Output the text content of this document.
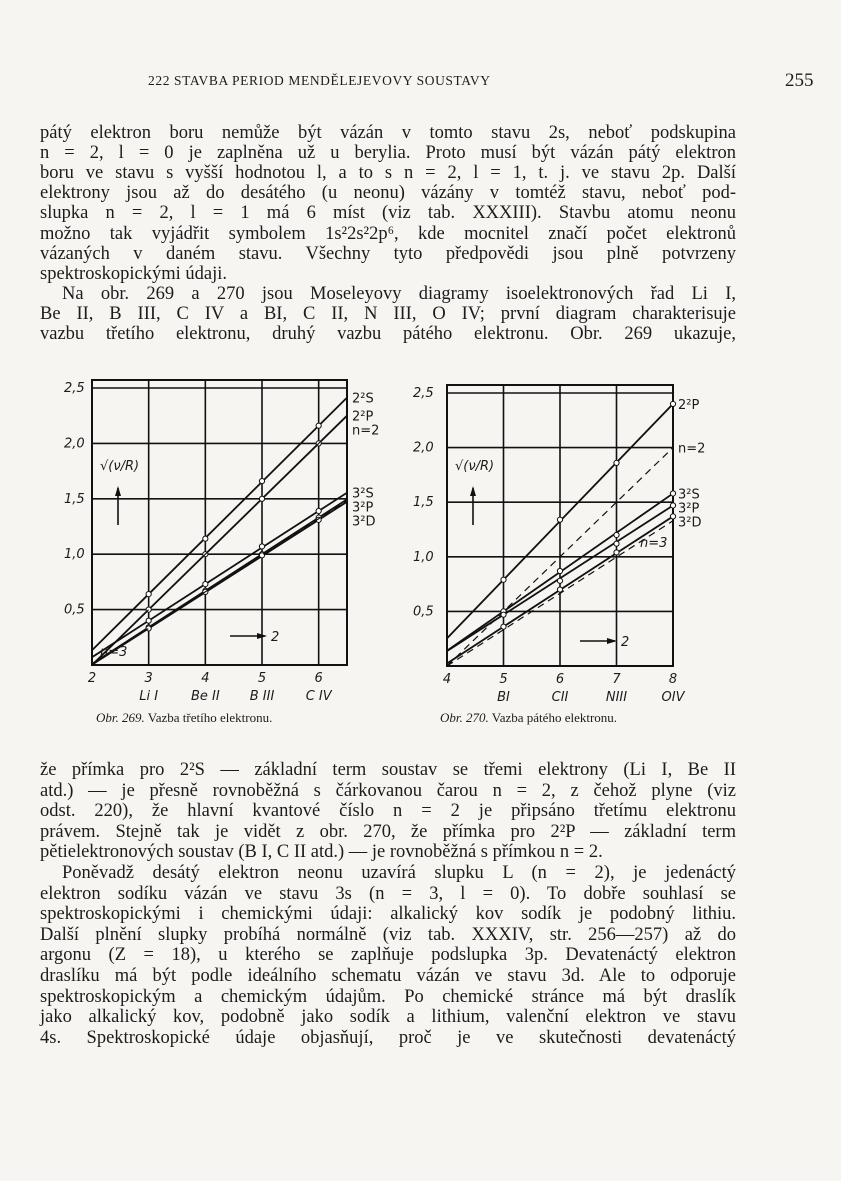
222 STAVBA PERIOD MENDĚLEJEVOVY SOUSTAVY	255
pátý elektron boru nemůže být vázán v tomto stavu 2s, neboť podskupina
n = 2, l = 0 je zaplněna už u berylia. Proto musí být vázán pátý elektron
boru ve stavu s vyšší hodnotou l, a to s n = 2, l = 1, t. j. ve stavu 2p. Další
elektrony jsou až do desátého (u neonu) vázány v tomtéž stavu, neboť pod-
slupka n = 2, l = 1 má 6 míst (viz tab. XXXIII). Stavbu atomu neonu
možno tak vyjádřit symbolem 1s²2s²2p⁶, kde mocnitel značí počet elektronů
vázaných v daném stavu. Všechny tyto předpovědi jsou plně potvrzeny
spektroskopickými údaji.
Na obr. 269 a 270 jsou Moseleyovy diagramy isoelektronových řad Li I,
Be II, B III, C IV a BI, C II, N III, O IV; první diagram charakterisuje
vazbu třetího elektronu, druhý vazbu pátého elektronu. Obr. 269 ukazuje,
že přímka pro 2²S — základní term soustav se třemi elektrony (Li I, Be II
atd.) — je přesně rovnoběžná s čárkovanou čarou n = 2, z čehož plyne (viz
odst. 220), že hlavní kvantové číslo n = 2 je připsáno třetímu elektronu
právem. Stejně tak je vidět z obr. 270, že přímka pro 2²P — základní term
pětielektronových soustav (B I, C II atd.) — je rovnoběžná s přímkou n = 2.
Poněvadž desátý elektron neonu uzavírá slupku L (n = 2), je jedenáctý
elektron sodíku vázán ve stavu 3s (n = 3, l = 0). To dobře souhlasí se
spektroskopickými i chemickými údaji: alkalický kov sodík je podobný lithiu.
Další plnění slupky probíhá normálně (viz tab. XXXIV, str. 256—257) až do
argonu (Z = 18), u kterého se zaplňuje podslupka 3p. Devatenáctý elektron
draslíku má být podle ideálního schematu vázán ve stavu 3d. Ale to odporuje
spektroskopickým a chemickým údajům. Po chemické stránce má být draslík
jako alkalický kov, podobně jako sodík a lithium, valenční elektron ve stavu
4s. Spektroskopické údaje objasňují, proč je ve skutečnosti devatenáctý
2	3	4	5	6
0,5
1,0
1,5
2,0
2,5
Li I	Be II B III C IV
√(ν/R)
2
n=3
2²S
2²P
n=2
3²S
3²P
3²D
4	5	6	7	8
0,5
1,0
1,5
2,0
2,5
BI	CII	NIII	OIV
√(ν/R)
2
n=3
2²P
n=2
3²S
3²P
3²D
Obr. 269. Vazba třetího elektronu.	Obr. 270. Vazba pátého elektronu.
